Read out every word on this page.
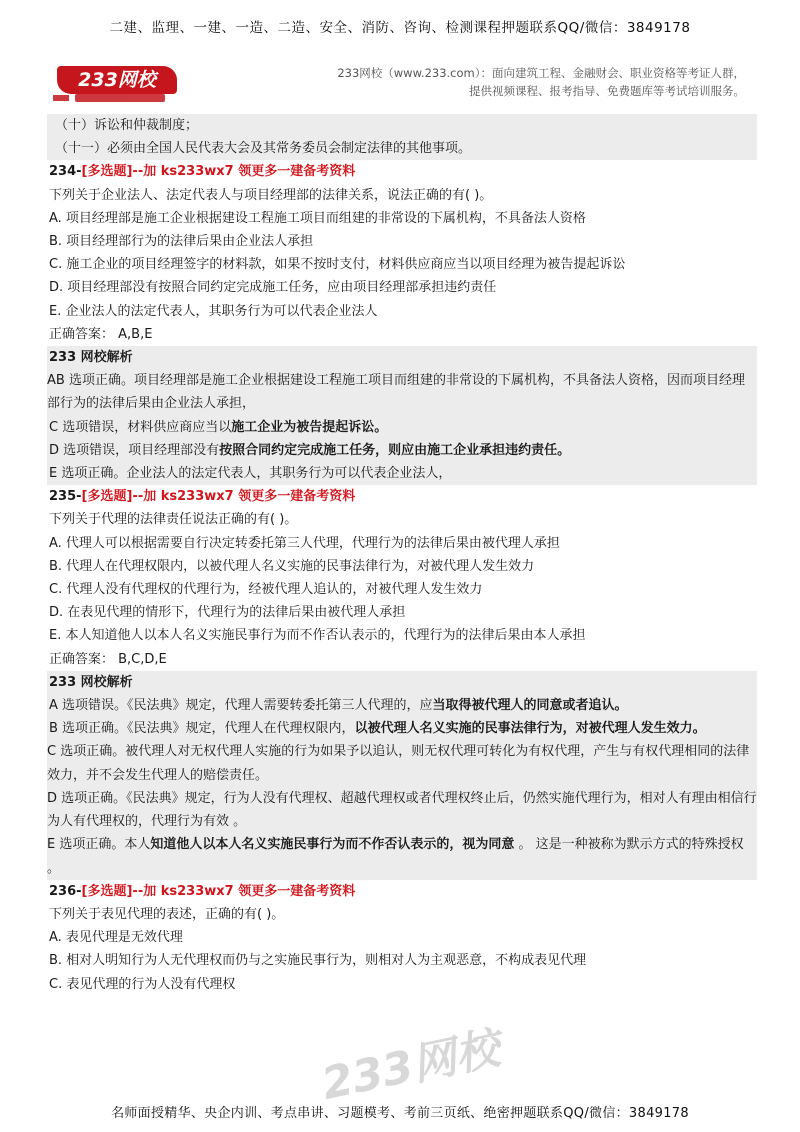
二建、监理、一建、一造、二造、安全、消防、咨询、检测课程押题联系QQ/微信：3849178
233网校	233网校（www.233.com）：面向建筑工程、金融财会、职业资格等考证人群，
提供视频课程、报考指导、免费题库等考试培训服务。
233网校
（十）诉讼和仲裁制度；
（十一）必须由全国人民代表大会及其常务委员会制定法律的其他事项。
234-[多选题]--加 ks233wx7 领更多一建备考资料
下列关于企业法人、法定代表人与项目经理部的法律关系，说法正确的有( )。
A. 项目经理部是施工企业根据建设工程施工项目而组建的非常设的下属机构，不具备法人资格
B. 项目经理部行为的法律后果由企业法人承担
C. 施工企业的项目经理签字的材料款，如果不按时支付，材料供应商应当以项目经理为被告提起诉讼
D. 项目经理部没有按照合同约定完成施工任务，应由项目经理部承担违约责任
E. 企业法人的法定代表人，其职务行为可以代表企业法人
正确答案： A,B,E
233 网校解析
AB 选项正确。项目经理部是施工企业根据建设工程施工项目而组建的非常设的下属机构，不具备法人资格，因而项目经理部行为的法律后果由企业法人承担，
C 选项错误，材料供应商应当以施工企业为被告提起诉讼。
D 选项错误，项目经理部没有按照合同约定完成施工任务，则应由施工企业承担违约责任。
E 选项正确。企业法人的法定代表人，其职务行为可以代表企业法人，
235-[多选题]--加 ks233wx7 领更多一建备考资料
下列关于代理的法律责任说法正确的有( )。
A. 代理人可以根据需要自行决定转委托第三人代理，代理行为的法律后果由被代理人承担
B. 代理人在代理权限内，以被代理人名义实施的民事法律行为，对被代理人发生效力
C. 代理人没有代理权的代理行为，经被代理人追认的，对被代理人发生效力
D. 在表见代理的情形下，代理行为的法律后果由被代理人承担
E. 本人知道他人以本人名义实施民事行为而不作否认表示的，代理行为的法律后果由本人承担
正确答案： B,C,D,E
233 网校解析
A 选项错误。《民法典》规定，代理人需要转委托第三人代理的，应当取得被代理人的同意或者追认。
B 选项正确。《民法典》规定，代理人在代理权限内，以被代理人名义实施的民事法律行为，对被代理人发生效力。
C 选项正确。被代理人对无权代理人实施的行为如果予以追认，则无权代理可转化为有权代理，产生与有权代理相同的法律效力，并不会发生代理人的赔偿责任。
D 选项正确。《民法典》规定，行为人没有代理权、超越代理权或者代理权终止后，仍然实施代理行为，相对人有理由相信行为人有代理权的，代理行为有效 。
E 选项正确。本人知道他人以本人名义实施民事行为而不作否认表示的，视为同意 。 这是一种被称为默示方式的特殊授权 。
236-[多选题]--加 ks233wx7 领更多一建备考资料
下列关于表见代理的表述，正确的有( )。
A. 表见代理是无效代理
B. 相对人明知行为人无代理权而仍与之实施民事行为，则相对人为主观恶意，不构成表见代理
C. 表见代理的行为人没有代理权
名师面授精华、央企内训、考点串讲、习题模考、考前三页纸、绝密押题联系QQ/微信：3849178
